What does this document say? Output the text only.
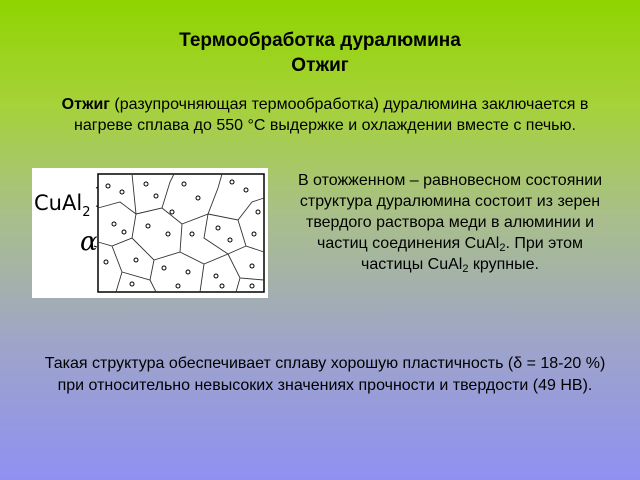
Термообработка дуралюмина
Отжиг
Отжиг (разупрочняющая термообработка) дуралюмина заключается в нагреве сплава до 550 °С выдержке и охлаждении вместе с печью.
CuAl$_2$
α
В отожженном – равновесном состоянии структура дуралюмина состоит из зерен твердого раствора меди в алюминии и частиц соединения CuAl$_2$. При этом частицы CuAl$_2$ крупные.
Такая структура обеспечивает сплаву хорошую пластичность (δ = 18-20 %) при относительно невысоких значениях прочности и твердости (49 НВ).
